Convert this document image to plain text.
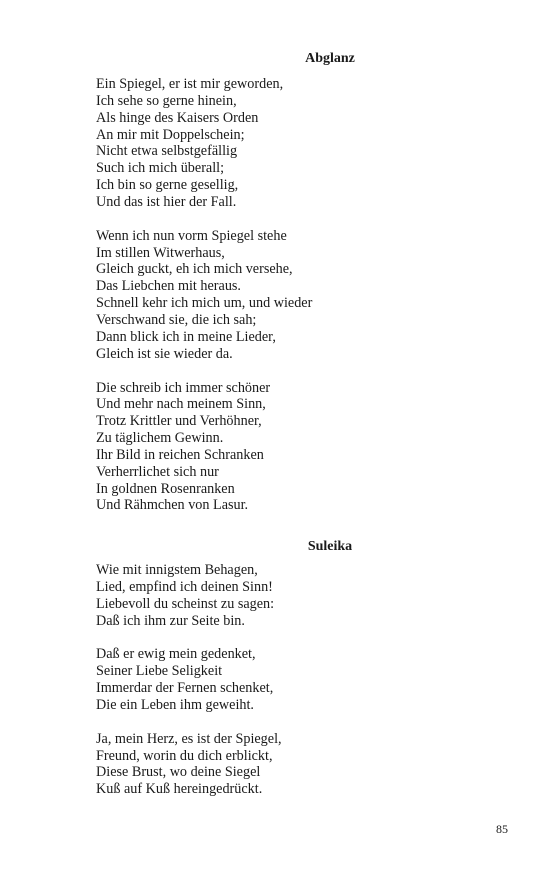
Abglanz
Ein Spiegel, er ist mir geworden,
Ich sehe so gerne hinein,
Als hinge des Kaisers Orden
An mir mit Doppelschein;
Nicht etwa selbstgefällig
Such ich mich überall;
Ich bin so gerne gesellig,
Und das ist hier der Fall.
Wenn ich nun vorm Spiegel stehe
Im stillen Witwerhaus,
Gleich guckt, eh ich mich versehe,
Das Liebchen mit heraus.
Schnell kehr ich mich um, und wieder
Verschwand sie, die ich sah;
Dann blick ich in meine Lieder,
Gleich ist sie wieder da.
Die schreib ich immer schöner
Und mehr nach meinem Sinn,
Trotz Krittler und Verhöhner,
Zu täglichem Gewinn.
Ihr Bild in reichen Schranken
Verherrlichet sich nur
In goldnen Rosenranken
Und Rähmchen von Lasur.
Suleika
Wie mit innigstem Behagen,
Lied, empfind ich deinen Sinn!
Liebevoll du scheinst zu sagen:
Daß ich ihm zur Seite bin.
Daß er ewig mein gedenket,
Seiner Liebe Seligkeit
Immerdar der Fernen schenket,
Die ein Leben ihm geweiht.
Ja, mein Herz, es ist der Spiegel,
Freund, worin du dich erblickt,
Diese Brust, wo deine Siegel
Kuß auf Kuß hereingedrückt.
85
